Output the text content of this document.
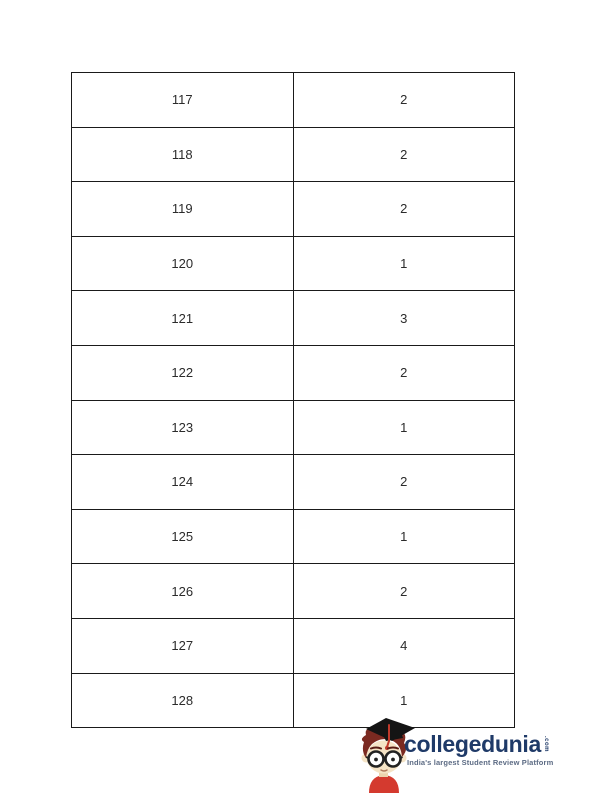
117	2
118	2
119	2
120	1
121	3
122	2
123	1
124	2
125	1
126	2
127	4
128	1
collegedunia .com
India's largest Student Review Platform
